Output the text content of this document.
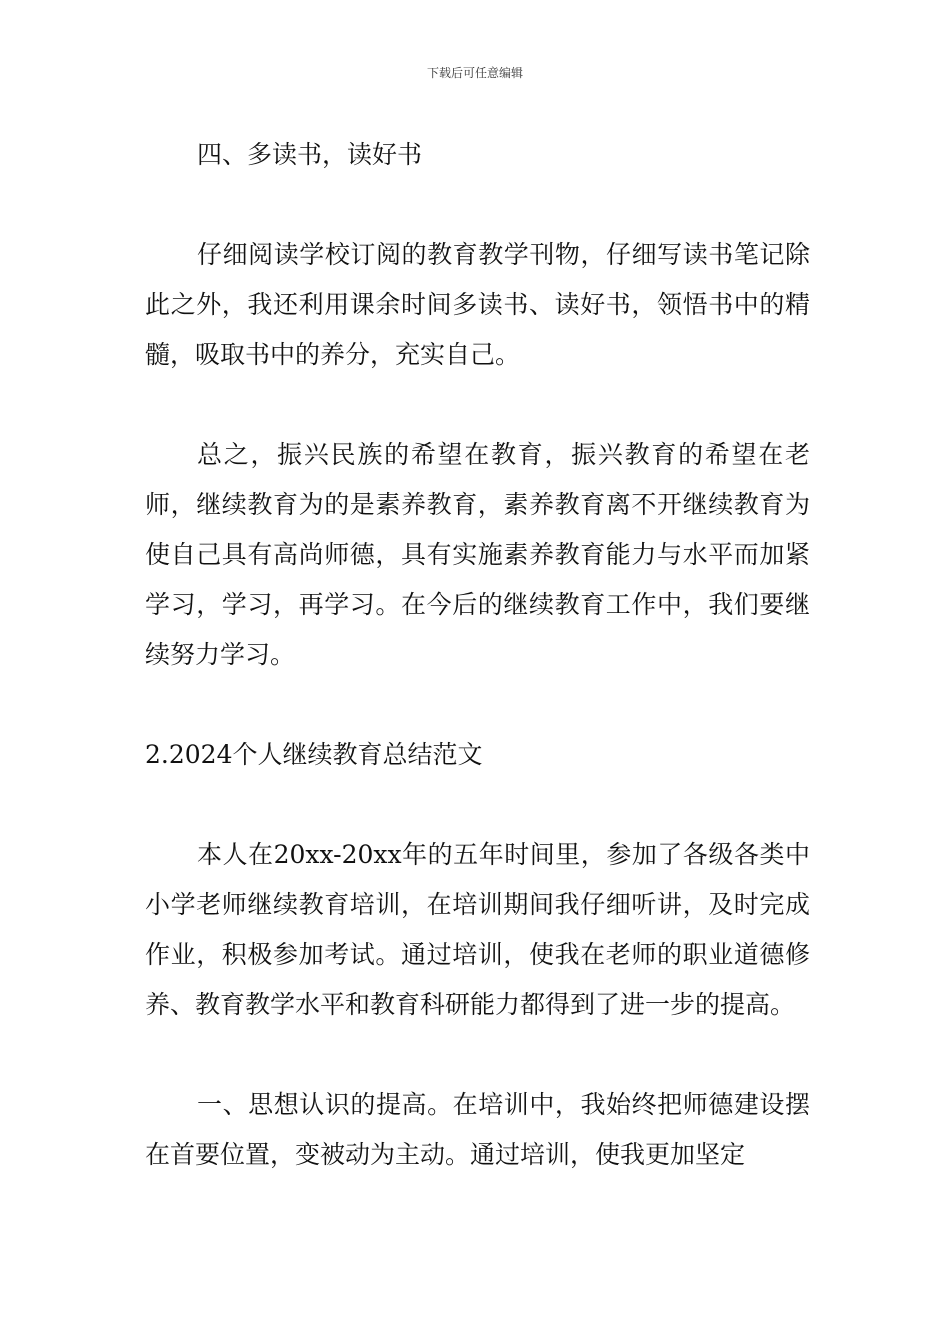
下载后可任意编辑

四、多读书，读好书

仔细阅读学校订阅的教育教学刊物，仔细写读书笔记除此之外，我还利用课余时间多读书、读好书，领悟书中的精髓，吸取书中的养分，充实自己。

总之，振兴民族的希望在教育，振兴教育的希望在老师，继续教育为的是素养教育，素养教育离不开继续教育为使自己具有高尚师德，具有实施素养教育能力与水平而加紧学习，学习，再学习。在今后的继续教育工作中，我们要继续努力学习。

2.2024个人继续教育总结范文

本人在20xx-20xx年的五年时间里，参加了各级各类中小学老师继续教育培训，在培训期间我仔细听讲，及时完成作业，积极参加考试。通过培训，使我在老师的职业道德修养、教育教学水平和教育科研能力都得到了进一步的提高。

一、思想认识的提高。在培训中，我始终把师德建设摆在首要位置，变被动为主动。通过培训，使我更加坚定
